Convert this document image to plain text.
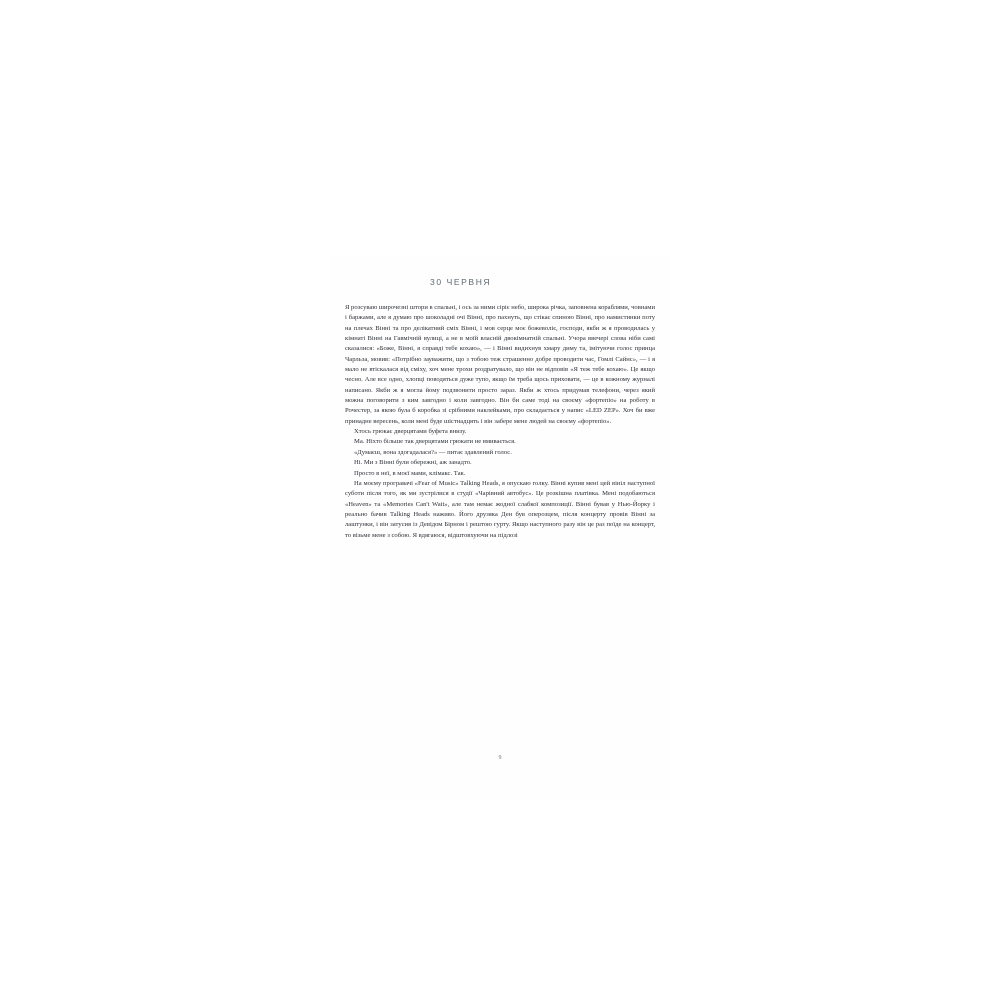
30 ЧЕРВНЯ

Я розсуваю широчезні штори в спальні, і ось за ними сіріє небо, широка річка, заповнена кораблями, човнами і баржами, але я думаю про шоколадні очі Вінні, про пахнуть, що стікає спиною Вінні, про намистинки поту на плечах Вінні та про делікатний сміх Вінні, і мов серце моє божеволіє, господи, якби ж я проводилась у кімнаті Вінні на Гавмічній вулиці, а не в моїй власній двокімнатній спальні. Учора ввечері слова ніби самі сказалися: «Боже, Вінні, я справді тебе кохаю», — і Вінні видихнув хмару диму та, імітуючи голос принца Чарльза, мовив: «Потрібно зауважити, що з тобою теж страшенно добре проводити час, Гомлі Сайнс», — і я мало не втіскалася від сміху, хоч мене трохи роздратувало, що він не відповів «Я теж тебе кохаю». Це якщо чесно. Але все одно, хлопці поводяться дуже тупо, якщо їм треба щось приховати, — це в кожному журналі написано. Якби ж я могла йому подзвонити просто зараз. Якби ж хтось придумав телефони, через який можна поговорити з ким завгодно і коли завгодно. Він би саме тоді на своєму «фортепіо» на роботу в Рочестер, за якою була б коробка зі срібними наклейками, про складається у напис «LED ZEP». Хоч би вже принадне вересень, коли мені буде шістнадцять і він забере мене людей на своєму «фортепіо».

Хтось грюкає дверцятами буфета внизу.

Ма. Ніхто більше так дверцятами грюкати не вмивається.

«Думаєш, вона здогадалася?» — питає здавлений голос.

Ні. Ми з Вінні були обережні, аж занадто.

Просто в неї, в моєї мами, клімакс. Так.

На моєму програвачі «Fear of Music» Talking Heads, я опускаю голку. Вінні купив мені цей вініл наступної суботи після того, як ми зустрілися в студії «Чарівний автобус». Це розкішна платівка. Мені подобаються «Heaven» та «Memories Can't Wait», але там немає жодної слабкої композиції. Вінні бував у Нью-Йорку і реально бачив Talking Heads наживо. Його друзяка Ден був оперозцем, після концерту провів Вінні за лаштунки, і він затусив із Девідом Бірном і рештою гурту. Якщо наступного разу він це раз поїде на концерт, то візьме мене з собою. Я вдягаюся, відштовхуючи на підлозі

9
